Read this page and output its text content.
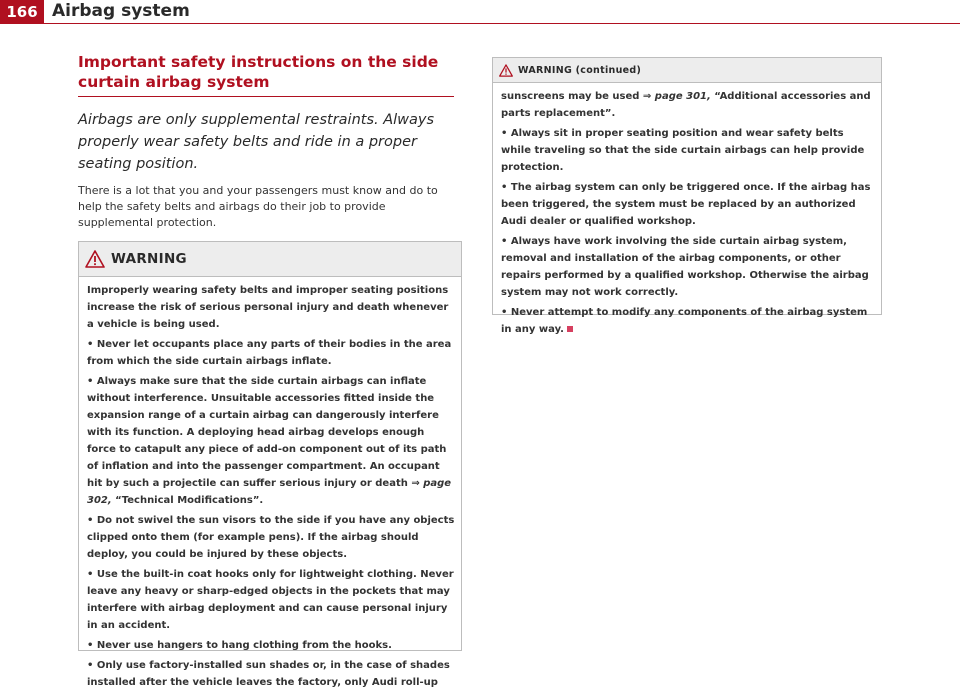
166 Airbag system
Important safety instructions on the side
curtain airbag system

Airbags are only supplemental restraints. Always properly wear safety belts and ride in a proper seating position.

There is a lot that you and your passengers must know and do to help the safety belts and airbags do their job to provide supplemental protection.

WARNING

Improperly wearing safety belts and improper seating positions increase the risk of serious personal injury and death whenever a vehicle is being used.

• Never let occupants place any parts of their bodies in the area from which the side curtain airbags inflate.

• Always make sure that the side curtain airbags can inflate without interference. Unsuitable accessories fitted inside the expansion range of a curtain airbag can dangerously interfere with its function. A deploying head airbag develops enough force to catapult any piece of add-on component out of its path of inflation and into the passenger compartment. An occupant hit by such a projectile can suffer serious injury or death ⇒ page 302, “Technical Modifications”.

• Do not swivel the sun visors to the side if you have any objects clipped onto them (for example pens). If the airbag should deploy, you could be injured by these objects.

• Use the built-in coat hooks only for lightweight clothing. Never leave any heavy or sharp-edged objects in the pockets that may interfere with airbag deployment and can cause personal injury in an accident.

• Never use hangers to hang clothing from the hooks.

• Only use factory-installed sun shades or, in the case of shades installed after the vehicle leaves the factory, only Audi roll-up

WARNING (continued)

sunscreens may be used ⇒ page 301, “Additional accessories and parts replacement”.

• Always sit in proper seating position and wear safety belts while traveling so that the side curtain airbags can help provide protection.

• The airbag system can only be triggered once. If the airbag has been triggered, the system must be replaced by an authorized Audi dealer or qualified workshop.

• Always have work involving the side curtain airbag system, removal and installation of the airbag components, or other repairs performed by a qualified workshop. Otherwise the airbag system may not work correctly.

• Never attempt to modify any components of the airbag system in any way.
